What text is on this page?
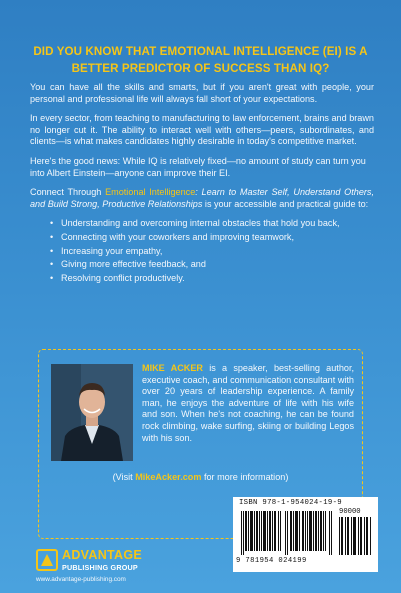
DID YOU KNOW THAT EMOTIONAL INTELLIGENCE (EI) IS A BETTER PREDICTOR OF SUCCESS THAN IQ?

You can have all the skills and smarts, but if you aren't great with people, your personal and professional life will always fall short of your expectations.

In every sector, from teaching to manufacturing to law enforcement, brains and brawn no longer cut it. The ability to interact well with others—peers, subordinates, and clients—is what makes candidates highly desirable in today's competitive market.

Here's the good news: While IQ is relatively fixed—no amount of study can turn you into Albert Einstein—anyone can improve their EI.

Connect Through Emotional Intelligence: Learn to Master Self, Understand Others, and Build Strong, Productive Relationships is your accessible and practical guide to:

• Understanding and overcoming internal obstacles that hold you back,
• Connecting with your coworkers and improving teamwork,
• Increasing your empathy,
• Giving more effective feedback, and
• Resolving conflict productively.
MIKE ACKER is a speaker, best-selling author, executive coach, and communication consultant with over 20 years of leadership experience. A family man, he enjoys the adventure of life with his wife and son. When he's not coaching, he can be found rock climbing, wake surfing, skiing or building Legos with his son.
(Visit MikeAcker.com for more information)
ADVANTAGE
PUBLISHING GROUP
www.advantage-publishing.com
ISBN 978-1-954024-19-9
90000
9 781954 024199
